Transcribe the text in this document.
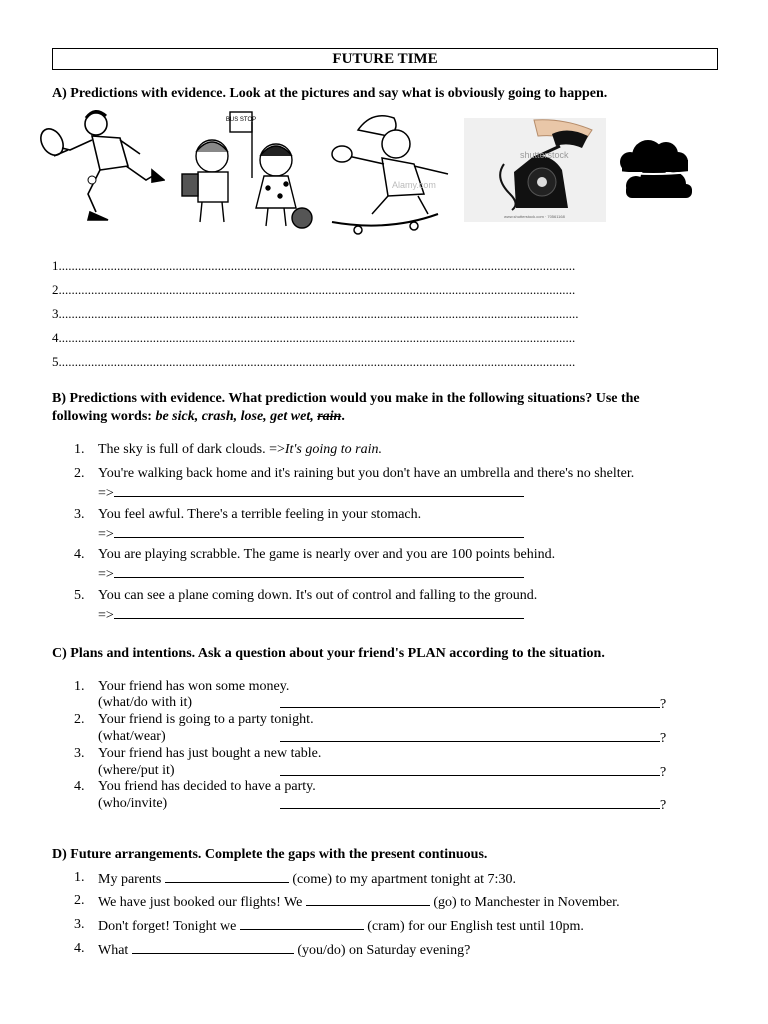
FUTURE TIME
A) Predictions with evidence. Look at the pictures and say what is obviously going to happen.
BUS STOP
Alamy.com
shutterstock
www.shutterstock.com · 70561168
1...............................................................................................................................................................
2...............................................................................................................................................................
3................................................................................................................................................................
4...............................................................................................................................................................
5...............................................................................................................................................................
B) Predictions with evidence. What prediction would you make in the following situations? Use the
following words: be sick, crash, lose, get wet, rain.
1. The sky is full of dark clouds. =>It's going to rain.
2. You're walking back home and it's raining but you don't have an umbrella and there's no shelter.
=>
3. You feel awful. There's a terrible feeling in your stomach.
=>
4. You are playing scrabble. The game is nearly over and you are 100 points behind.
=>
5. You can see a plane coming down. It's out of control and falling to the ground.
=>
C) Plans and intentions. Ask a question about your friend's PLAN according to the situation.
1. Your friend has won some money.
(what/do with it)	?
2. Your friend is going to a party tonight.
(what/wear)	?
3. Your friend has just bought a new table.
(where/put it)	?
4. You friend has decided to have a party.
(who/invite)	?
D) Future arrangements. Complete the gaps with the present continuous.
1. My parents	(come) to my apartment tonight at 7:30.
2. We have just booked our flights! We	(go) to Manchester in November.
3. Don't forget! Tonight we	(cram) for our English test until 10pm.
4. What	(you/do) on Saturday evening?
